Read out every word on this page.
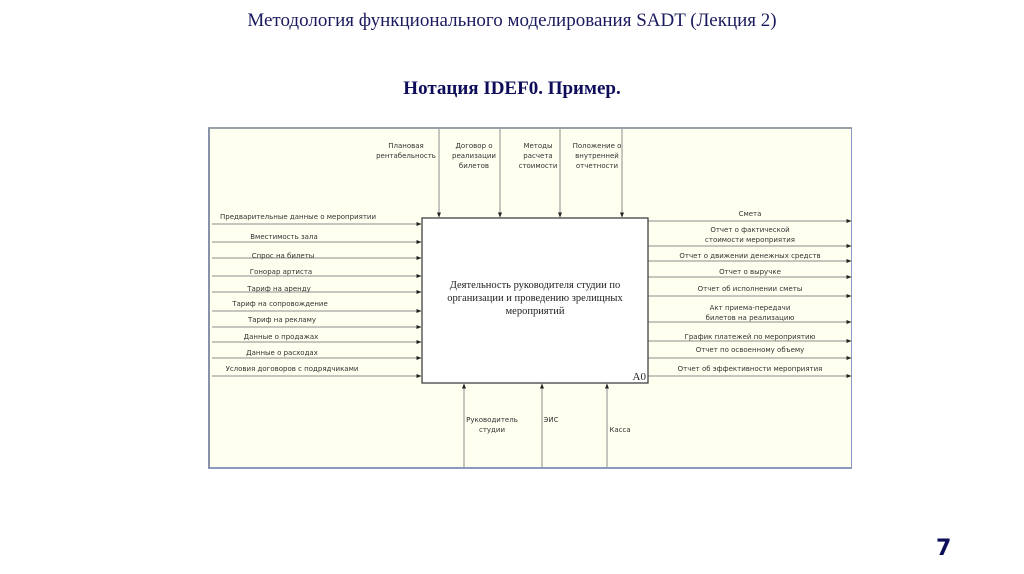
Методология функционального моделирования SADT (Лекция 2)
Нотация IDEF0. Пример.
Предварительные данные о мероприятии
Вместимость зала
Спрос на билеты
Гонорар артиста
Тариф на аренду
Тариф на сопровождение
Тариф на рекламу
Данные о продажах
Данные о расходах
Условия договоров с подрядчиками
Смета
Отчет о фактической
стоимости мероприятия
Отчет о движении денежных средств
Отчет о выручке
Отчет об исполнении сметы
Акт приема-передачи
билетов на реализацию
График платежей по мероприятию
Отчет по освоенному объему
Отчет об эффективности мероприятия
Плановая
рентабельность
Договор о
реализации
билетов
Методы
расчета
стоимости
Положение о
внутренней
отчетности
Руководитель
студии
ЭИС
Касса
Деятельность руководителя студии по
организации и проведению зрелищных
мероприятий
A0
7
